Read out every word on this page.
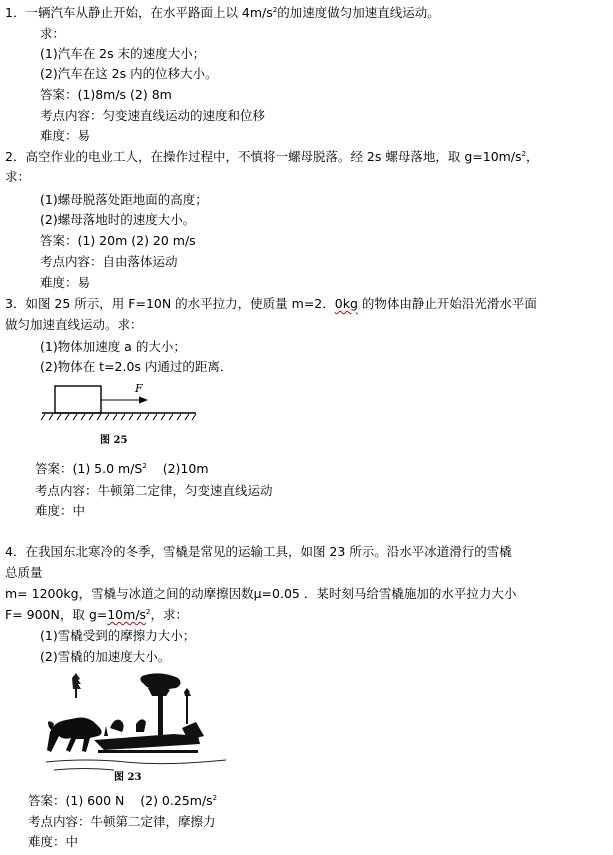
1．一辆汽车从静止开始，在水平路面上以 $4m/s^2$的加速度做匀加速直线运动。
求：
(1)汽车在 2s 末的速度大小；
(2)汽车在这 2s 内的位移大小。
答案：(1)8m/s (2) 8m
考点内容：匀变速直线运动的速度和位移
难度：易
2．高空作业的电业工人，在操作过程中，不慎将一螺母脱落。经 2s 螺母落地，取 $g=10m/s^2$，
求：
(1)螺母脱落处距地面的高度；
(2)螺母落地时的速度大小。
答案：(1) 20m (2) 20 m/s
考点内容：自由落体运动
难度：易
3．如图 25 所示，用 F=10N 的水平拉力，使质量 m=2．0kg 的物体由静止开始沿光滑水平面
做匀加速直线运动。求：
(1)物体加速度 a 的大小；
(2)物体在 t=2.0s 内通过的距离．
F
图 25
答案：(1) 5.0 $m/S^2$    (2)10m
考点内容：牛顿第二定律，匀变速直线运动
难度：中
4．在我国东北寒冷的冬季，雪橇是常见的运输工具，如图 23 所示。沿水平冰道滑行的雪橇
总质量
m= 1200kg，雪橇与冰道之间的动摩擦因数μ=0.05 ．某时刻马给雪橇施加的水平拉力大小
F= 900N，取 $g=10m/s^2$，求：
(1)雪橇受到的摩擦力大小；
(2)雪橇的加速度大小。
图 23
答案：(1) 600 N    (2) $0.25m/s^2$
考点内容：牛顿第二定律，摩擦力
难度：中
